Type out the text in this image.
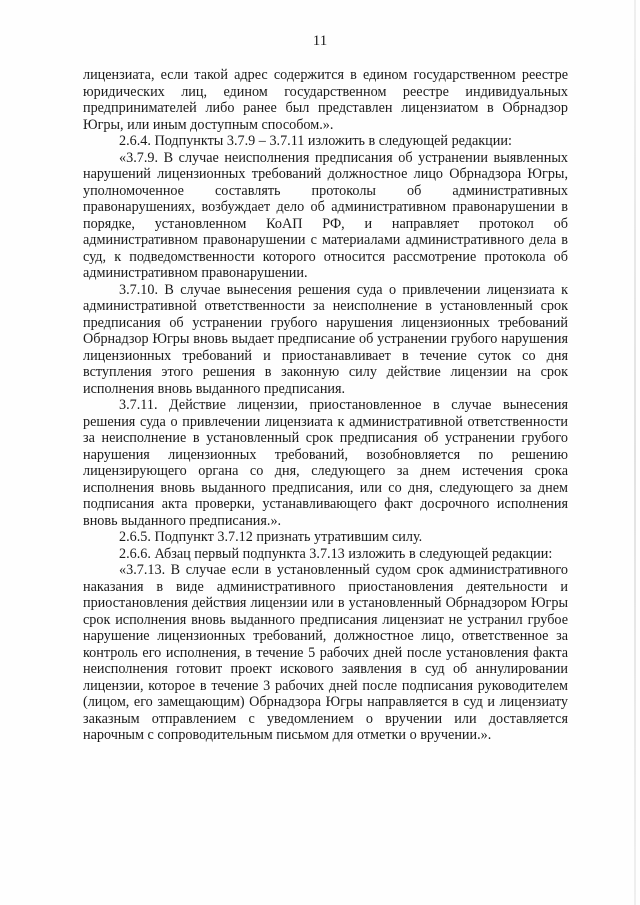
11

лицензиата, если такой адрес содержится в едином государственном реестре юридических лиц, едином государственном реестре индивидуальных предпринимателей либо ранее был представлен лицензиатом в Обрнадзор Югры, или иным доступным способом.».

2.6.4. Подпункты 3.7.9 – 3.7.11 изложить в следующей редакции:

«3.7.9. В случае неисполнения предписания об устранении выявленных нарушений лицензионных требований должностное лицо Обрнадзора Югры, уполномоченное составлять протоколы об административных правонарушениях, возбуждает дело об административном правонарушении в порядке, установленном КоАП РФ, и направляет протокол об административном правонарушении с материалами административного дела в суд, к подведомственности которого относится рассмотрение протокола об административном правонарушении.

3.7.10. В случае вынесения решения суда о привлечении лицензиата к административной ответственности за неисполнение в установленный срок предписания об устранении грубого нарушения лицензионных требований Обрнадзор Югры вновь выдает предписание об устранении грубого нарушения лицензионных требований и приостанавливает в течение суток со дня вступления этого решения в законную силу действие лицензии на срок исполнения вновь выданного предписания.

3.7.11. Действие лицензии, приостановленное в случае вынесения решения суда о привлечении лицензиата к административной ответственности за неисполнение в установленный срок предписания об устранении грубого нарушения лицензионных требований, возобновляется по решению лицензирующего органа со дня, следующего за днем истечения срока исполнения вновь выданного предписания, или со дня, следующего за днем подписания акта проверки, устанавливающего факт досрочного исполнения вновь выданного предписания.».

2.6.5. Подпункт 3.7.12 признать утратившим силу.

2.6.6. Абзац первый подпункта 3.7.13 изложить в следующей редакции:

«3.7.13. В случае если в установленный судом срок административного наказания в виде административного приостановления деятельности и приостановления действия лицензии или в установленный Обрнадзором Югры срок исполнения вновь выданного предписания лицензиат не устранил грубое нарушение лицензионных требований, должностное лицо, ответственное за контроль его исполнения, в течение 5 рабочих дней после установления факта неисполнения готовит проект искового заявления в суд об аннулировании лицензии, которое в течение 3 рабочих дней после подписания руководителем (лицом, его замещающим) Обрнадзора Югры направляется в суд и лицензиату заказным отправлением с уведомлением о вручении или доставляется нарочным с сопроводительным письмом для отметки о вручении.».
